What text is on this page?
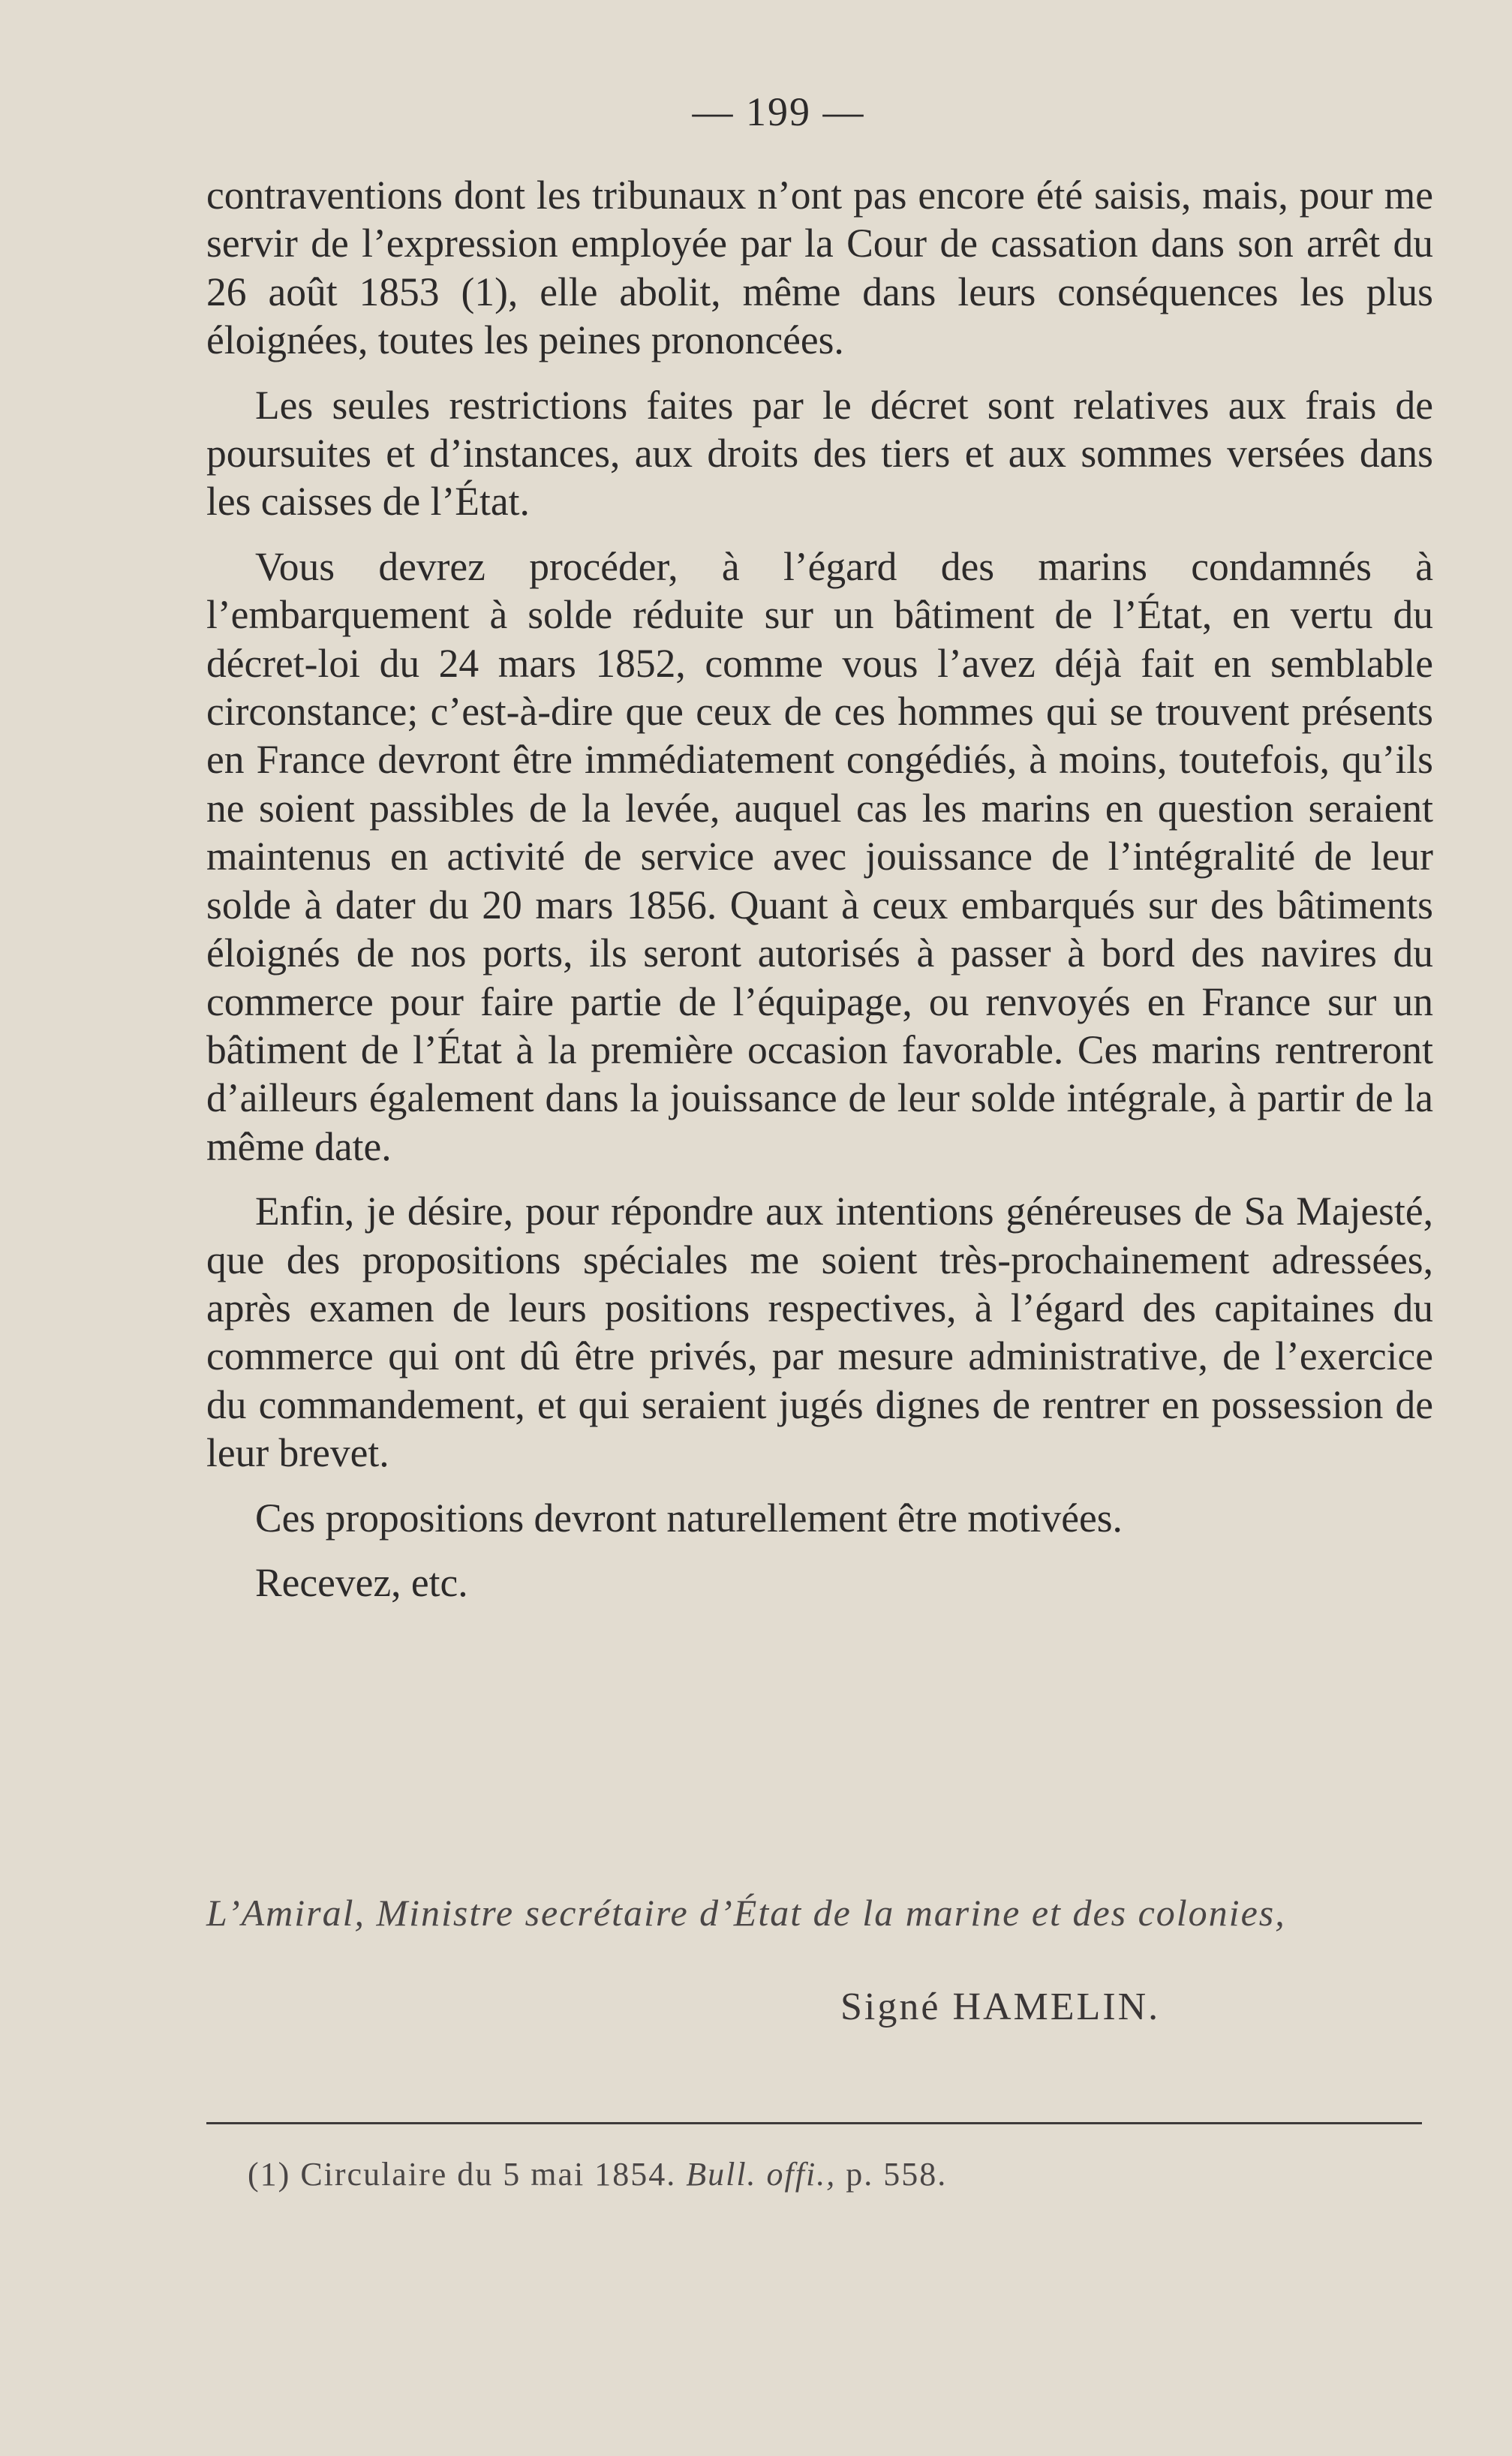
— 199 —

contraventions dont les tribunaux n’ont pas encore été saisis, mais, pour me servir de l’expression employée par la Cour de cassation dans son arrêt du 26 août 1853 (1), elle abolit, même dans leurs conséquences les plus éloignées, toutes les peines prononcées.

Les seules restrictions faites par le décret sont relatives aux frais de poursuites et d’instances, aux droits des tiers et aux sommes versées dans les caisses de l’État.

Vous devrez procéder, à l’égard des marins condamnés à l’embarquement à solde réduite sur un bâtiment de l’État, en vertu du décret-loi du 24 mars 1852, comme vous l’avez déjà fait en semblable circonstance; c’est-à-dire que ceux de ces hommes qui se trouvent présents en France devront être immédiatement congédiés, à moins, toutefois, qu’ils ne soient passibles de la levée, auquel cas les marins en question seraient maintenus en activité de service avec jouissance de l’intégralité de leur solde à dater du 20 mars 1856. Quant à ceux embarqués sur des bâtiments éloignés de nos ports, ils seront autorisés à passer à bord des navires du commerce pour faire partie de l’équipage, ou renvoyés en France sur un bâtiment de l’État à la première occasion favorable. Ces marins rentreront d’ailleurs également dans la jouissance de leur solde intégrale, à partir de la même date.

Enfin, je désire, pour répondre aux intentions généreuses de Sa Majesté, que des propositions spéciales me soient très-prochainement adressées, après examen de leurs positions respectives, à l’égard des capitaines du commerce qui ont dû être privés, par mesure administrative, de l’exercice du commandement, et qui seraient jugés dignes de rentrer en possession de leur brevet.

Ces propositions devront naturellement être motivées.

Recevez, etc.

L’Amiral, Ministre secrétaire d’État de la marine et des colonies,
Signé HAMELIN.
(1) Circulaire du 5 mai 1854. Bull. offi., p. 558.
